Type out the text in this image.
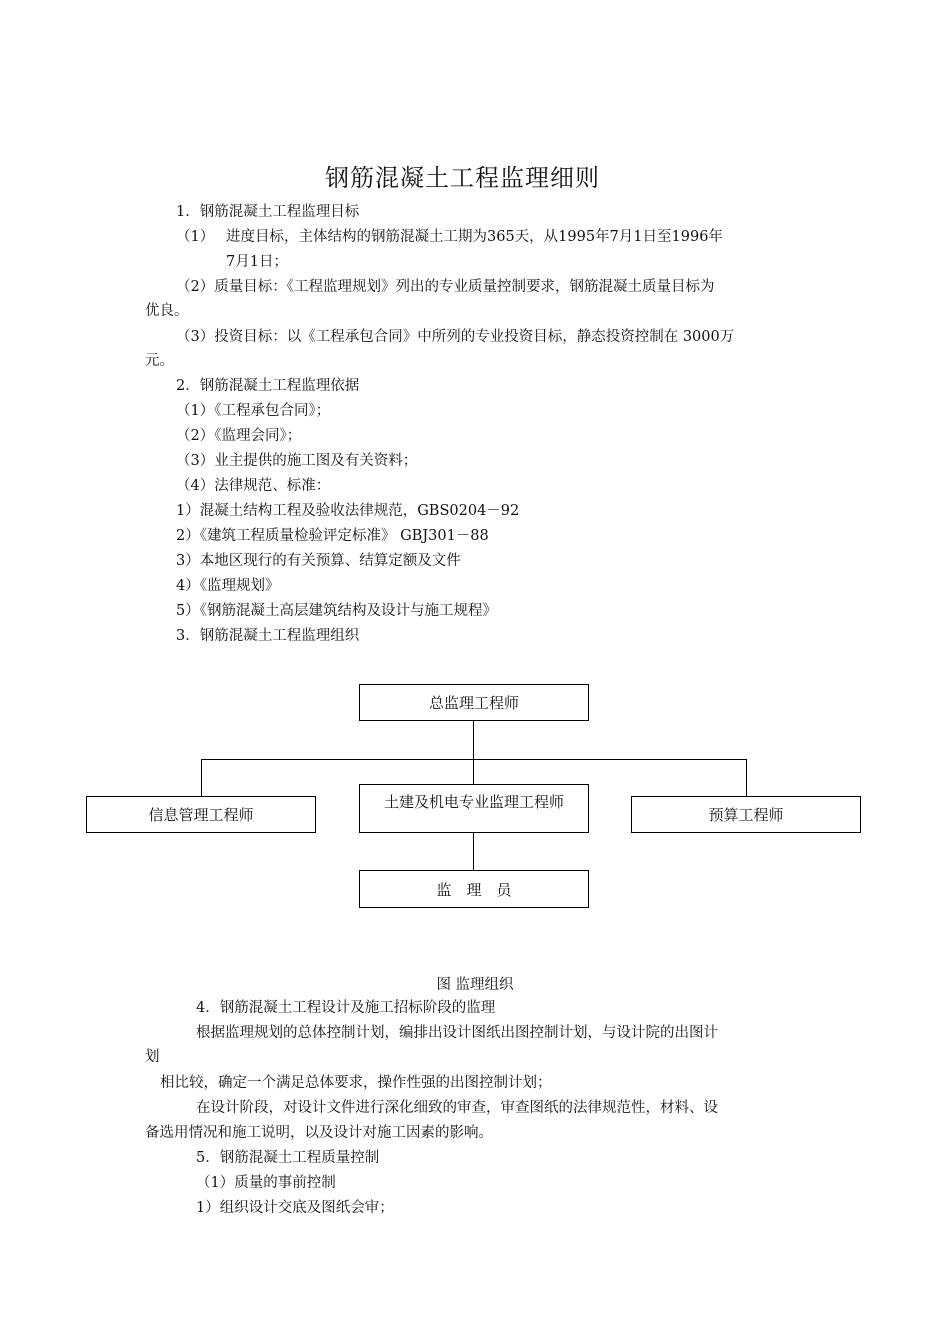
钢筋混凝土工程监理细则
1．钢筋混凝土工程监理目标
（1） 进度目标，主体结构的钢筋混凝土工期为365天，从1995年7月1日至1996年
7月1日；
（2）质量目标：《工程监理规划》列出的专业质量控制要求，钢筋混凝土质量目标为
优良。
（3）投资目标：以《工程承包合同》中所列的专业投资目标，静态投资控制在 3000万
元。
2．钢筋混凝土工程监理依据
（1）《工程承包合同》；
（2）《监理会同》；
（3）业主提供的施工图及有关资料；
（4）法律规范、标准：
1）混凝土结构工程及验收法律规范，GBS0204－92
2）《建筑工程质量检验评定标准》 GBJ301－88
3）本地区现行的有关预算、结算定额及文件
4）《监理规划》
5）《钢筋混凝土高层建筑结构及设计与施工规程》
3．钢筋混凝土工程监理组织
总监理工程师
信息管理工程师
土建及机电专业监理工程师
预算工程师
监　理　员
图 监理组织
4．钢筋混凝土工程设计及施工招标阶段的监理
根据监理规划的总体控制计划，编排出设计图纸出图控制计划，与设计院的出图计
划
相比较，确定一个满足总体要求，操作性强的出图控制计划；
在设计阶段，对设计文件进行深化细致的审查，审查图纸的法律规范性，材料、设
备选用情况和施工说明，以及设计对施工因素的影响。
5．钢筋混凝土工程质量控制
（1）质量的事前控制
1）组织设计交底及图纸会审；
